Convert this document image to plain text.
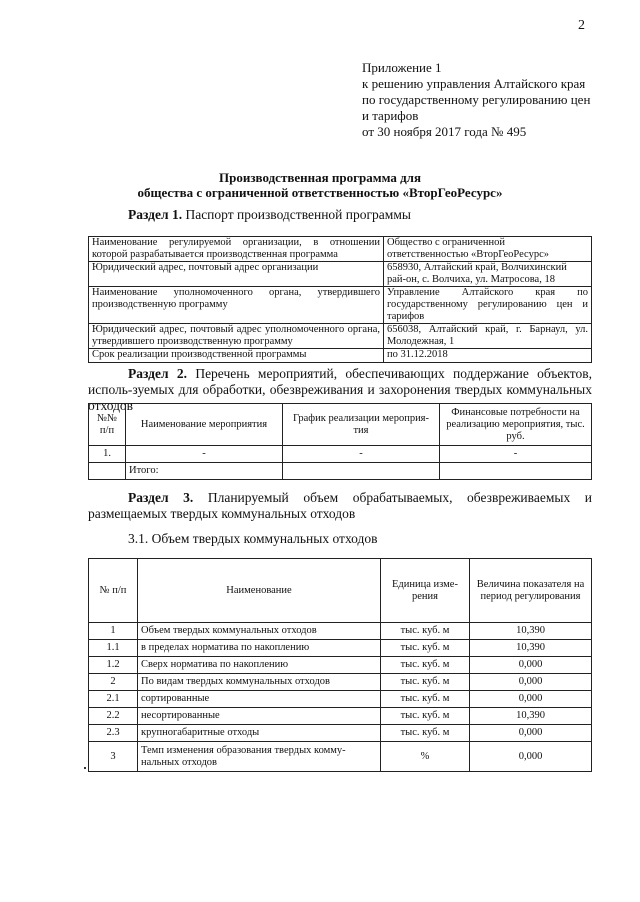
2
Приложение 1
к решению управления Алтайского края
по государственному регулированию цен
и тарифов
от 30 ноября 2017 года № 495
Производственная программа для
общества с ограниченной ответственностью «ВторГеоРесурс»
Раздел 1. Паспорт производственной программы
Наименование регулируемой организации, в отношении которой разрабатывается производственная программа	Общество с ограниченной ответственностью «ВторГеоРесурс»
Юридический адрес, почтовый адрес организации	658930, Алтайский край, Волчихинский рай-он, с. Волчиха, ул. Матросова, 18
Наименование уполномоченного органа, утвердившего производственную программу	Управление Алтайского края по государственному регулированию цен и тарифов
Юридический адрес, почтовый адрес уполномоченного органа, утвердившего производственную программу	656038, Алтайский край, г. Барнаул, ул. Молодежная, 1
Срок реализации производственной программы	по 31.12.2018
Раздел 2. Перечень мероприятий, обеспечивающих поддержание объектов, исполь-зуемых для обработки, обезвреживания и захоронения твердых коммунальных отходов
№№ п/п	Наименование мероприятия	График реализации мероприя-тия	Финансовые потребности на реализацию мероприятия, тыс. руб.
1.	-	-	-
	Итого:		
Раздел 3. Планируемый объем обрабатываемых, обезвреживаемых и размещаемых твердых коммунальных отходов
3.1. Объем твердых коммунальных отходов
№ п/п	Наименование	Единица изме-рения	Величина показателя на период регулирования
1	Объем твердых коммунальных отходов	тыс. куб. м	10,390
1.1	в пределах норматива по накоплению	тыс. куб. м	10,390
1.2	Сверх норматива по накоплению	тыс. куб. м	0,000
2	По видам твердых коммунальных отходов	тыс. куб. м	0,000
2.1	сортированные	тыс. куб. м	0,000
2.2	несортированные	тыс. куб. м	10,390
2.3	крупногабаритные отходы	тыс. куб. м	0,000
3	Темп изменения образования твердых комму-нальных отходов	%	0,000
